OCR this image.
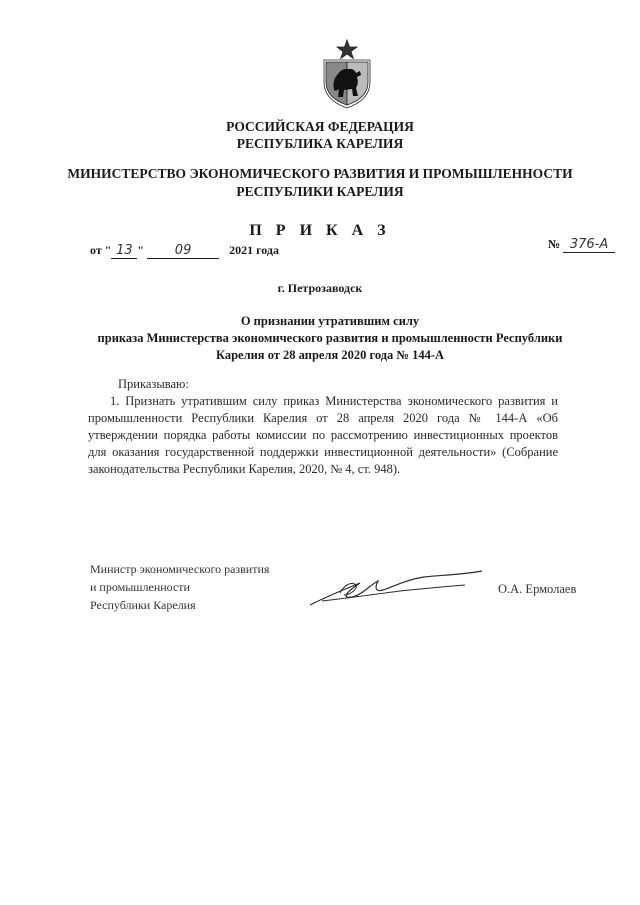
РОССИЙСКАЯ ФЕДЕРАЦИЯ
РЕСПУБЛИКА КАРЕЛИЯ
МИНИСТЕРСТВО ЭКОНОМИЧЕСКОГО РАЗВИТИЯ И ПРОМЫШЛЕННОСТИ
РЕСПУБЛИКИ КАРЕЛИЯ
П Р И К А З
от " 13 " 09	2021 года	№ 376-А
г. Петрозаводск
О признании утратившим силу
приказа Министерства экономического развития и промышленности Республики
Карелия от 28 апреля 2020 года № 144-А

Приказываю:

1. Признать утратившим силу приказ Министерства экономического развития и промышленности Республики Карелия от 28 апреля 2020 года № 144-А «Об утверждении порядка работы комиссии по рассмотрению инвестиционных проектов для оказания государственной поддержки инвестиционной деятельности» (Собрание законодательства Республики Карелия, 2020, № 4, ст. 948).

Министр экономического развития
и промышленности
Республики Карелия
О.А. Ермолаев
